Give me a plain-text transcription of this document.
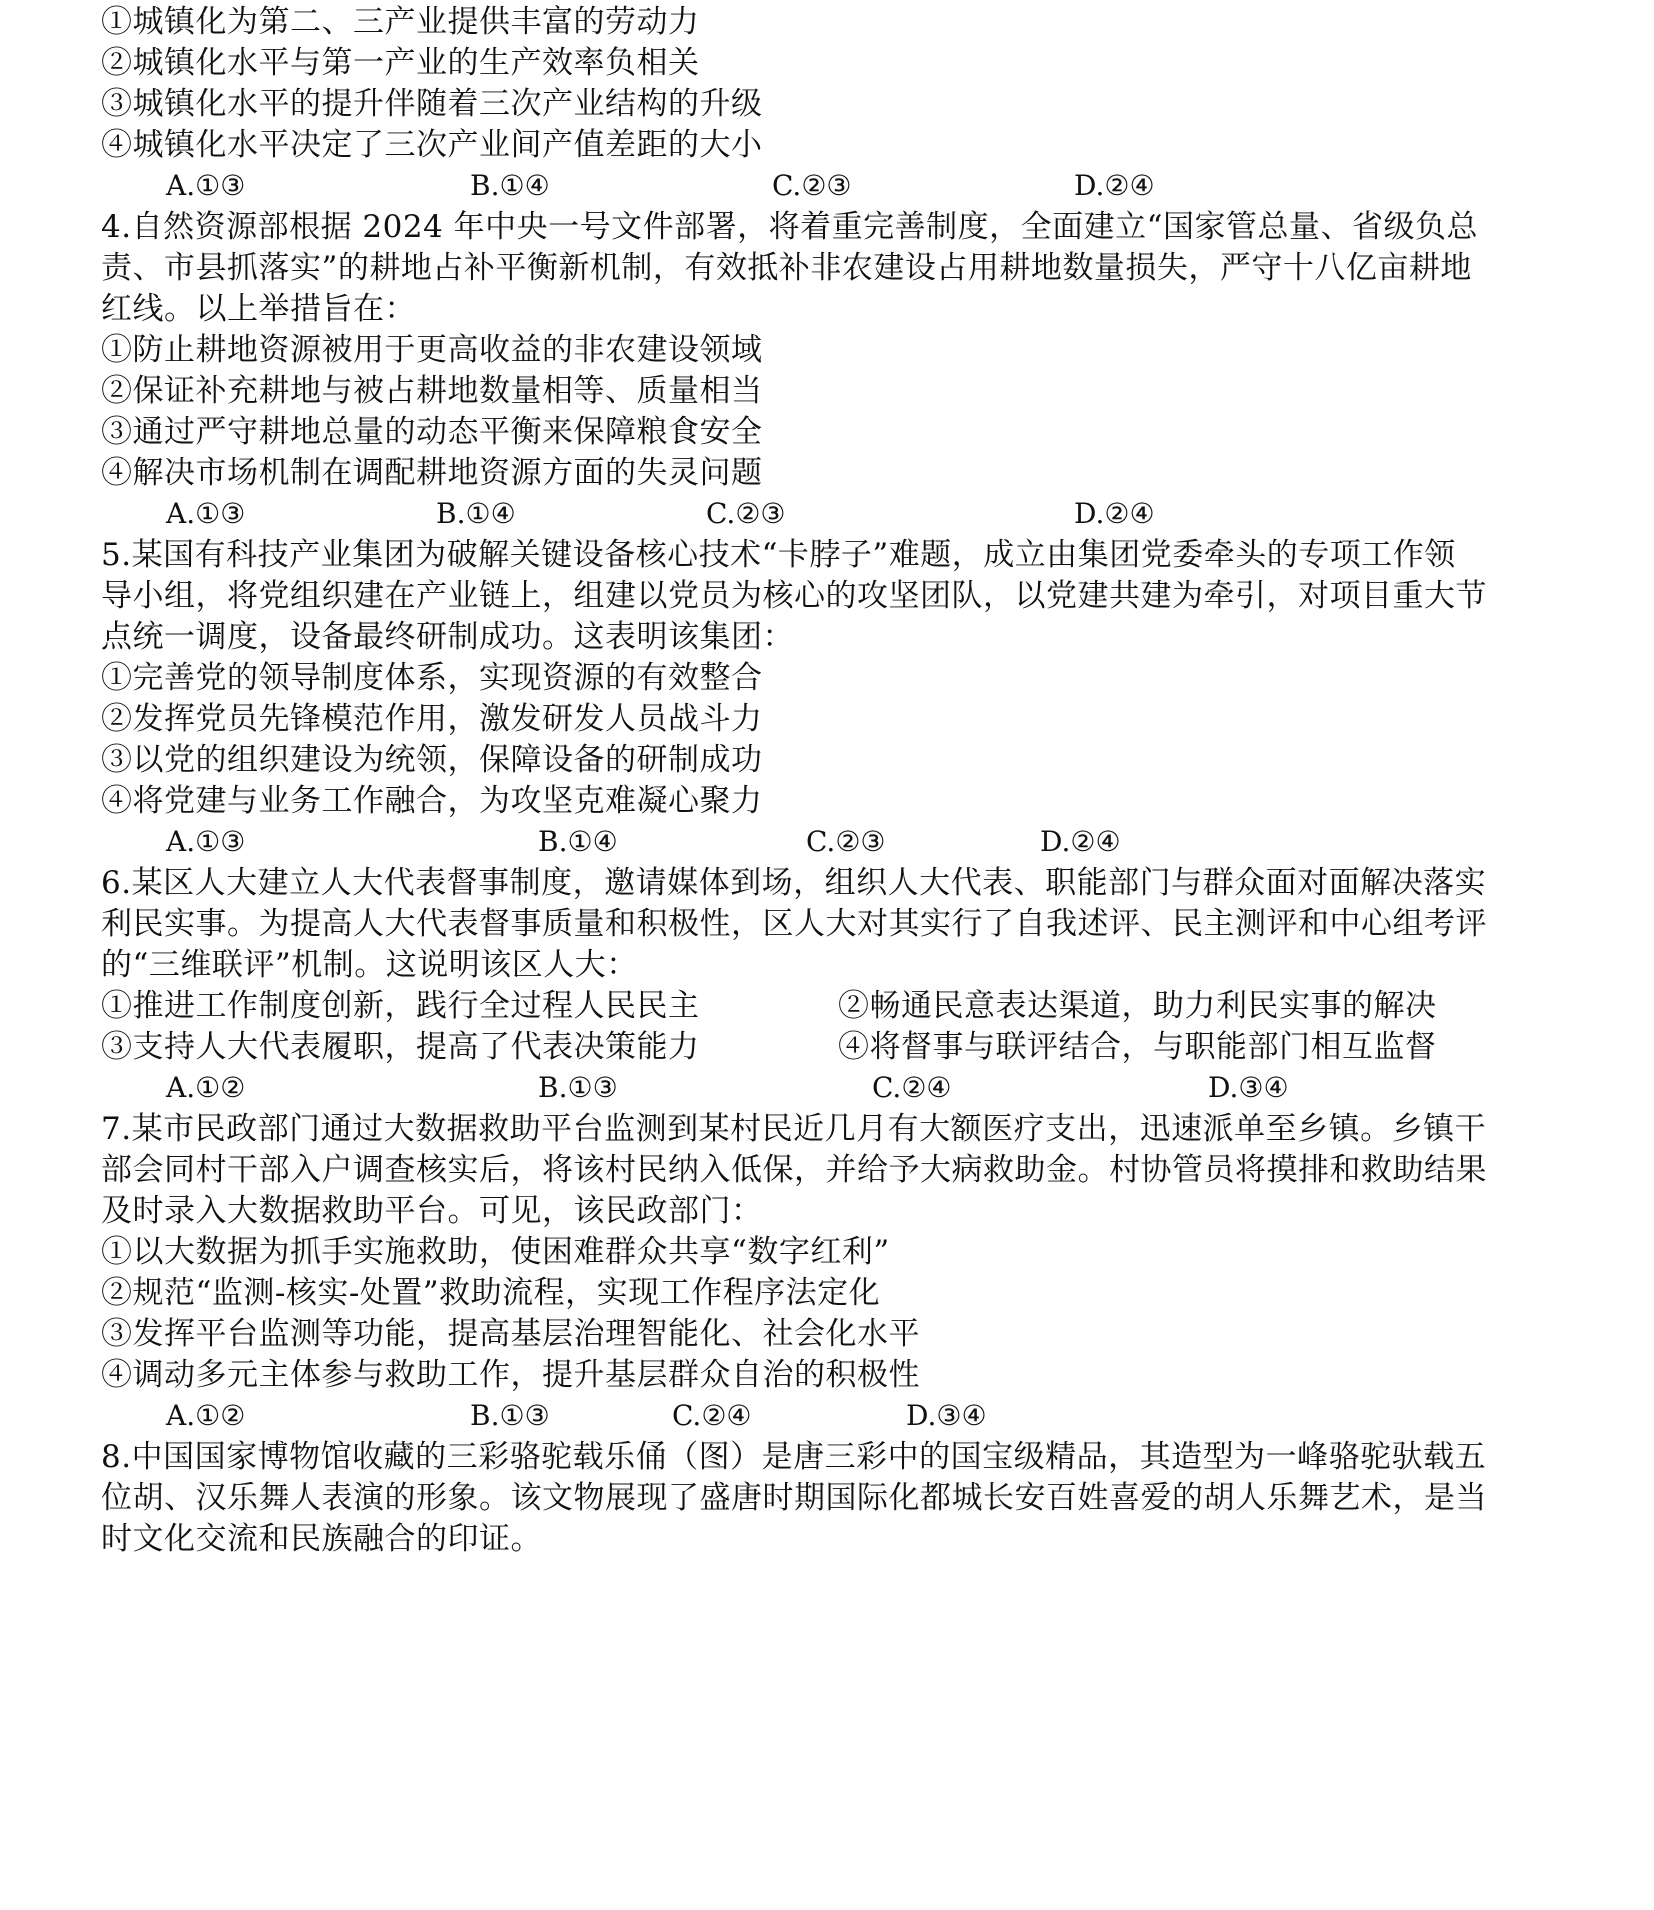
①城镇化为第二、三产业提供丰富的劳动力
②城镇化水平与第一产业的生产效率负相关
③城镇化水平的提升伴随着三次产业结构的升级
④城镇化水平决定了三次产业间产值差距的大小
A.①③	B.①④	C.②③	D.②④
4.自然资源部根据 2024 年中央一号文件部署，将着重完善制度，全面建立“国家管总量、省级负总
责、市县抓落实”的耕地占补平衡新机制，有效抵补非农建设占用耕地数量损失，严守十八亿亩耕地
红线。以上举措旨在：
①防止耕地资源被用于更高收益的非农建设领域
②保证补充耕地与被占耕地数量相等、质量相当
③通过严守耕地总量的动态平衡来保障粮食安全
④解决市场机制在调配耕地资源方面的失灵问题
A.①③	B.①④	C.②③	D.②④
5.某国有科技产业集团为破解关键设备核心技术“卡脖子”难题，成立由集团党委牵头的专项工作领
导小组，将党组织建在产业链上，组建以党员为核心的攻坚团队，以党建共建为牵引，对项目重大节
点统一调度，设备最终研制成功。这表明该集团：
①完善党的领导制度体系，实现资源的有效整合
②发挥党员先锋模范作用，激发研发人员战斗力
③以党的组织建设为统领，保障设备的研制成功
④将党建与业务工作融合，为攻坚克难凝心聚力
A.①③	B.①④	C.②③	D.②④
6.某区人大建立人大代表督事制度，邀请媒体到场，组织人大代表、职能部门与群众面对面解决落实
利民实事。为提高人大代表督事质量和积极性，区人大对其实行了自我述评、民主测评和中心组考评
的“三维联评”机制。这说明该区人大：
①推进工作制度创新，践行全过程人民民主	②畅通民意表达渠道，助力利民实事的解决
③支持人大代表履职，提高了代表决策能力	④将督事与联评结合，与职能部门相互监督
A.①②	B.①③	C.②④	D.③④
7.某市民政部门通过大数据救助平台监测到某村民近几月有大额医疗支出，迅速派单至乡镇。乡镇干
部会同村干部入户调查核实后，将该村民纳入低保，并给予大病救助金。村协管员将摸排和救助结果
及时录入大数据救助平台。可见，该民政部门：
①以大数据为抓手实施救助，使困难群众共享“数字红利”
②规范“监测-核实-处置”救助流程，实现工作程序法定化
③发挥平台监测等功能，提高基层治理智能化、社会化水平
④调动多元主体参与救助工作，提升基层群众自治的积极性
A.①②	B.①③	C.②④	D.③④
8.中国国家博物馆收藏的三彩骆驼载乐俑（图）是唐三彩中的国宝级精品，其造型为一峰骆驼驮载五
位胡、汉乐舞人表演的形象。该文物展现了盛唐时期国际化都城长安百姓喜爱的胡人乐舞艺术，是当
时文化交流和民族融合的印证。
